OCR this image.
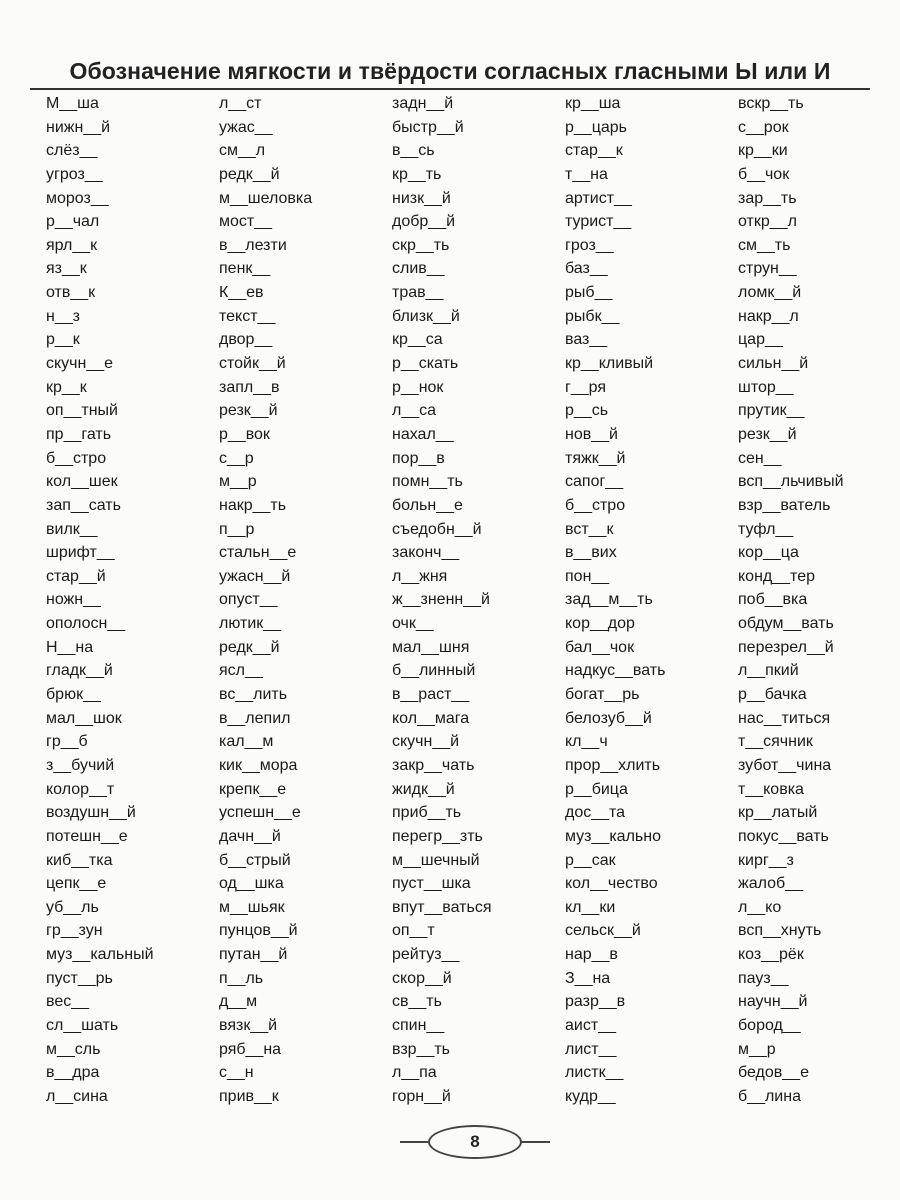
Обозначение мягкости и твёрдости согласных гласными Ы или И
М__ша
нижн__й
слёз__
угроз__
мороз__
р__чал
ярл__к
яз__к
отв__к
н__з
р__к
скучн__е
кр__к
оп__тный
пр__гать
б__стро
кол__шек
зап__сать
вилк__
шрифт__
стар__й
ножн__
ополосн__
Н__на
гладк__й
брюк__
мал__шок
гр__б
з__бучий
колор__т
воздушн__й
потешн__е
киб__тка
цепк__е
уб__ль
гр__зун
муз__кальный
пуст__рь
вес__
сл__шать
м__сль
в__дра
л__сина
л__ст
ужас__
см__л
редк__й
м__шеловка
мост__
в__лезти
пенк__
К__ев
текст__
двор__
стойк__й
запл__в
резк__й
р__вок
с__р
м__р
накр__ть
п__р
стальн__е
ужасн__й
опуст__
лютик__
редк__й
ясл__
вс__лить
в__лепил
кал__м
кик__мора
крепк__е
успешн__е
дачн__й
б__стрый
од__шка
м__шьяк
пунцов__й
путан__й
п__ль
д__м
вязк__й
ряб__на
с__н
прив__к
задн__й
быстр__й
в__сь
кр__ть
низк__й
добр__й
скр__ть
слив__
трав__
близк__й
кр__са
р__скать
р__нок
л__са
нахал__
пор__в
помн__ть
больн__е
съедобн__й
законч__
л__жня
ж__зненн__й
очк__
мал__шня
б__линный
в__раст__
кол__мага
скучн__й
закр__чать
жидк__й
приб__ть
перегр__зть
м__шечный
пуст__шка
впут__ваться
оп__т
рейтуз__
скор__й
св__ть
спин__
взр__ть
л__па
горн__й
кр__ша
р__царь
стар__к
т__на
артист__
турист__
гроз__
баз__
рыб__
рыбк__
ваз__
кр__кливый
г__ря
р__сь
нов__й
тяжк__й
сапог__
б__стро
вст__к
в__вих
пон__
зад__м__ть
кор__дор
бал__чок
надкус__вать
богат__рь
белозуб__й
кл__ч
прор__хлить
р__бица
дос__та
муз__кально
р__сак
кол__чество
кл__ки
сельск__й
нар__в
З__на
разр__в
аист__
лист__
листк__
кудр__
вскр__ть
с__рок
кр__ки
б__чок
зар__ть
откр__л
см__ть
струн__
ломк__й
накр__л
цар__
сильн__й
штор__
прутик__
резк__й
сен__
всп__льчивый
взр__ватель
туфл__
кор__ца
конд__тер
поб__вка
обдум__вать
перезрел__й
л__пкий
р__бачка
нас__титься
т__сячник
зубот__чина
т__ковка
кр__латый
покус__вать
кирг__з
жалоб__
л__ко
всп__хнуть
коз__рёк
пауз__
научн__й
бород__
м__р
бедов__е
б__лина
8
